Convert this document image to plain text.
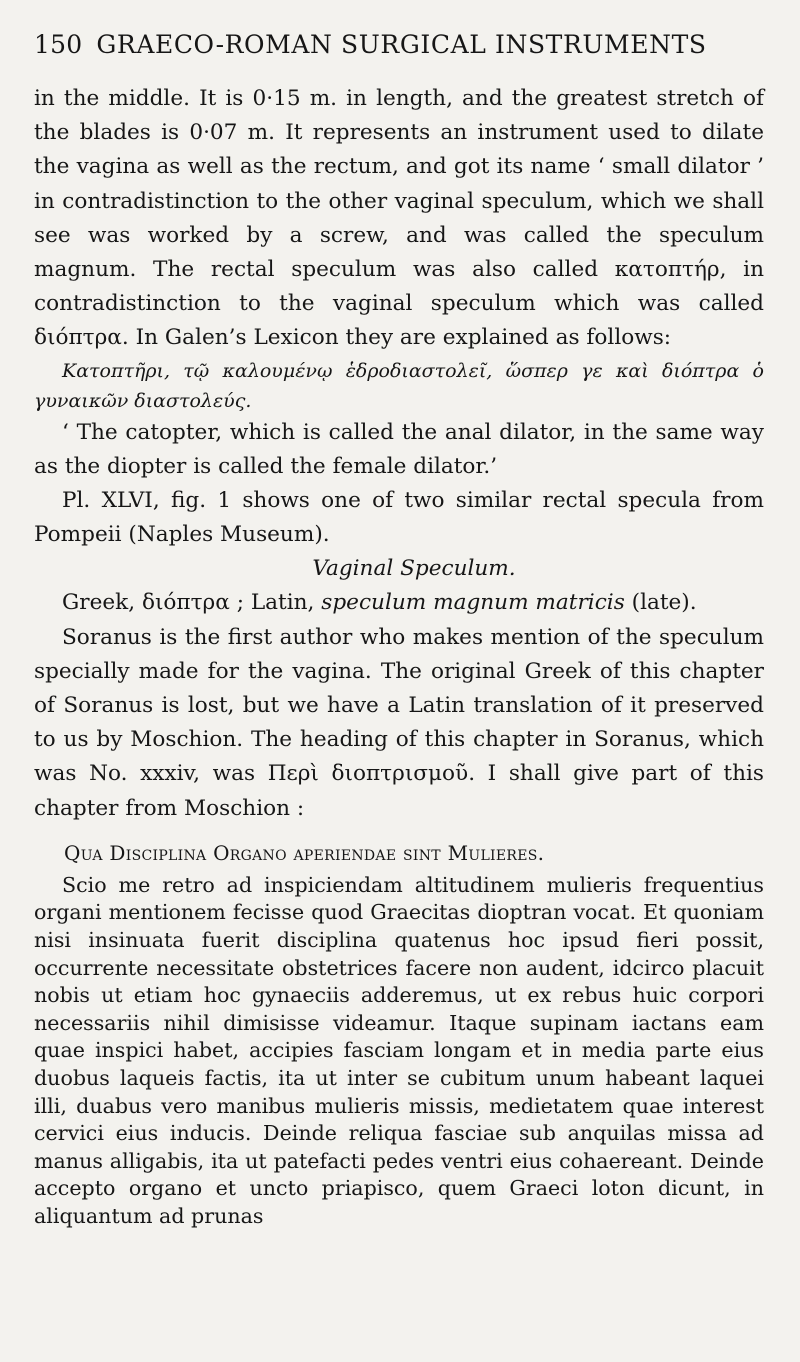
150 GRAECO-ROMAN SURGICAL INSTRUMENTS

in the middle. It is 0·15 m. in length, and the greatest stretch of the blades is 0·07 m. It represents an instrument used to dilate the vagina as well as the rectum, and got its name ‘ small dilator ’ in contradistinction to the other vaginal speculum, which we shall see was worked by a screw, and was called the speculum magnum. The rectal speculum was also called κατοπτήρ, in contradistinction to the vaginal speculum which was called διόπτρα. In Galen’s Lexicon they are explained as follows:

Κατοπτῆρι, τῷ καλουμένῳ ἑδροδιαστολεῖ, ὥσπερ γε καὶ διόπτρα ὁ γυναικῶν διαστολεύς.

‘ The catopter, which is called the anal dilator, in the same way as the diopter is called the female dilator.’

Pl. XLVI, fig. 1 shows one of two similar rectal specula from Pompeii (Naples Museum).

Vaginal Speculum.

Greek, διόπτρα ; Latin, speculum magnum matricis (late).

Soranus is the first author who makes mention of the speculum specially made for the vagina. The original Greek of this chapter of Soranus is lost, but we have a Latin translation of it preserved to us by Moschion. The heading of this chapter in Soranus, which was No. xxxiv, was Περὶ διοπτρισμοῦ. I shall give part of this chapter from Moschion :

Qua Disciplina Organo aperiendae sint Mulieres.

Scio me retro ad inspiciendam altitudinem mulieris frequentius organi mentionem fecisse quod Graecitas dioptran vocat. Et quoniam nisi insinuata fuerit disciplina quatenus hoc ipsud fieri possit, occurrente necessitate obstetrices facere non audent, idcirco placuit nobis ut etiam hoc gynaeciis adderemus, ut ex rebus huic corpori necessariis nihil dimisisse videamur. Itaque supinam iactans eam quae inspici habet, accipies fasciam longam et in media parte eius duobus laqueis factis, ita ut inter se cubitum unum habeant laquei illi, duabus vero manibus mulieris missis, medietatem quae interest cervici eius inducis. Deinde reliqua fasciae sub anquilas missa ad manus alligabis, ita ut patefacti pedes ventri eius cohaereant. Deinde accepto organo et uncto priapisco, quem Graeci loton dicunt, in aliquantum ad prunas
